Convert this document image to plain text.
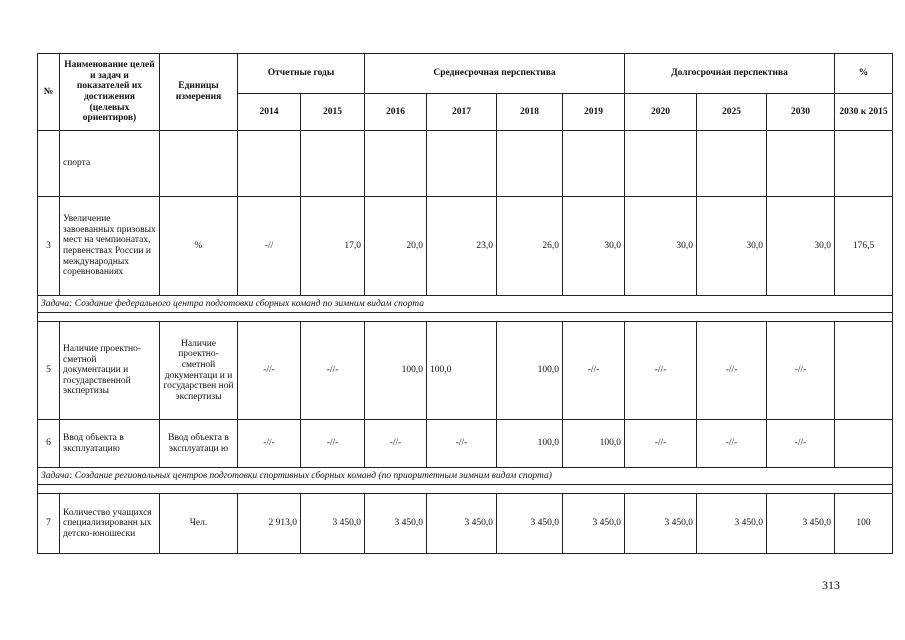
№	Наименование целей и задач и показателей их достижения (целевых ориентиров)	Единицы измерения	Отчетные годы		Среднесрочная перспектива				Долгосрочная перспектива			%
			2014	2015	2016	2017	2018	2019	2020	2025	2030	2030 к 2015
	спорта											
3	Увеличение завоеванных призовых мест на чемпионатах, первенствах России и международных соревнованиях	%	-//	17,0	20,0	23,0	26,0	30,0	30,0	30,0	30,0	176,5
Задача: Создание федерального центра подготовки сборных команд по зимним видам спорта												

5	Наличие проектно- сметной документации и государственной экспертизы	Наличие проектно-сметной документаци и и государствен ной экспертизы	-//-	-//-	100,0	100,0	100,0	-//-	-//-	-//-	-//-	
6	Ввод объекта в эксплуатацию	Ввод объекта в эксплуатаци ю	-//-	-//-	-//-	-//-	100,0	100,0	-//-	-//-	-//-	
Задача: Создание региональных центров подготовки спортивных сборных команд (по приоритетным зимним видам спорта)												

7	Количество учащихся специализированн ых детско-юношески	Чел.	2 913,0	3 450,0	3 450,0	3 450,0	3 450,0	3 450,0	3 450,0	3 450,0	3 450,0	100
313
